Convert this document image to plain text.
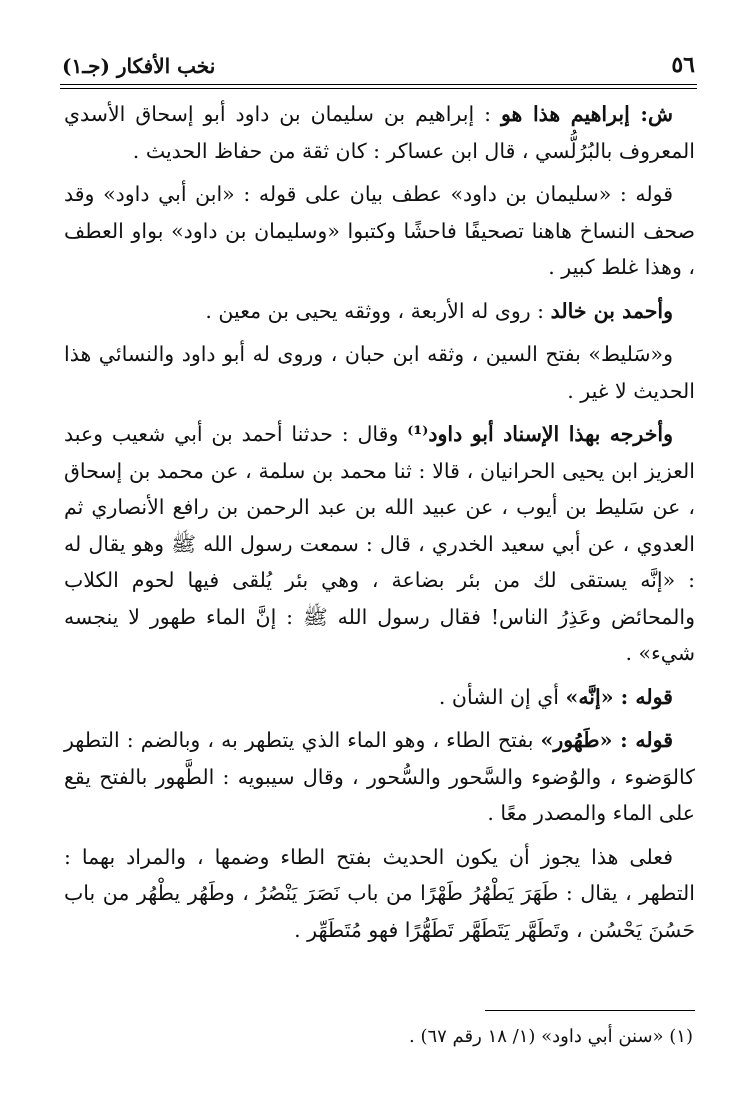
٥٦
نخب الأفكار (جـ١)

ش: إبراهيم هذا هو : إبراهيم بن سليمان بن داود أبو إسحاق الأسدي المعروف بالبُرُلُّسي ، قال ابن عساكر : كان ثقة من حفاظ الحديث .

قوله : «سليمان بن داود» عطف بيان على قوله : «ابن أبي داود» وقد صحف النساخ هاهنا تصحيفًا فاحشًا وكتبوا «وسليمان بن داود» بواو العطف ، وهذا غلط كبير .

وأحمد بن خالد : روى له الأربعة ، ووثقه يحيى بن معين .

و«سَليط» بفتح السين ، وثقه ابن حبان ، وروى له أبو داود والنسائي هذا الحديث لا غير .

وأخرجه بهذا الإسناد أبو داود⁽¹⁾ وقال : حدثنا أحمد بن أبي شعيب وعبد العزيز ابن يحيى الحرانيان ، قالا : ثنا محمد بن سلمة ، عن محمد بن إسحاق ، عن سَليط بن أيوب ، عن عبيد الله بن عبد الرحمن بن رافع الأنصاري ثم العدوي ، عن أبي سعيد الخدري ، قال : سمعت رسول الله ﷺ وهو يقال له : «إنَّه يستقى لك من بئر بضاعة ، وهي بئر يُلقى فيها لحوم الكلاب والمحائض وعَذِرُ الناس! فقال رسول الله ﷺ : إنَّ الماء طهور لا ينجسه شيء» .

قوله : «إنَّه» أي إن الشأن .

قوله : «طَهُور» بفتح الطاء ، وهو الماء الذي يتطهر به ، وبالضم : التطهر كالوَضوء ، والوُضوء والسَّحور والسُّحور ، وقال سيبويه : الطَّهور بالفتح يقع على الماء والمصدر معًا .

فعلى هذا يجوز أن يكون الحديث بفتح الطاء وضمها ، والمراد بهما : التطهر ، يقال : طَهَرَ يَطْهُرُ طَهْرًا من باب نَصَرَ يَنْصُرُ ، وطَهُر يطْهُر من باب حَسُنَ يَحْسُن ، وتَطَهَّر يَتَطَهَّر تَطَهُّرًا فهو مُتَطَهِّر .

(١) «سنن أبي داود» (١/ ١٨ رقم ٦٧) .
